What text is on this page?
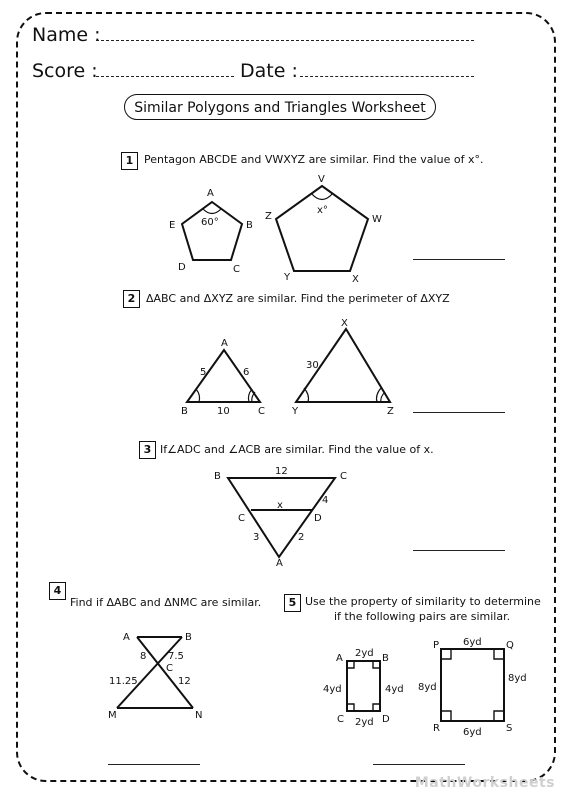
Name :
Score :	Date :
Similar Polygons and Triangles Worksheet
1 Pentagon ABCDE and VWXYZ are similar. Find the value of x°.
2 ΔABC and ΔXYZ are similar. Find the perimeter of ΔXYZ
3 If∠ADC and ∠ACB are similar. Find the value of x.
4
Find if ΔABC and ΔNMC are similar.	5 Use the property of similarity to determine
if the following pairs are similar.
A
B
C
D
E	60°
V
W
X
Y
Z
x°
A
B	C
5	6
10
X
Y	Z
30
B	C
C	D
A
12
x	4
3	2
A	B
C
M	N
8 7.5
11.25	12
A	B
C	D
2yd
2yd
4yd	4yd
P	Q
R	S
6yd
6yd
8yd
8yd
MathWorksheets
